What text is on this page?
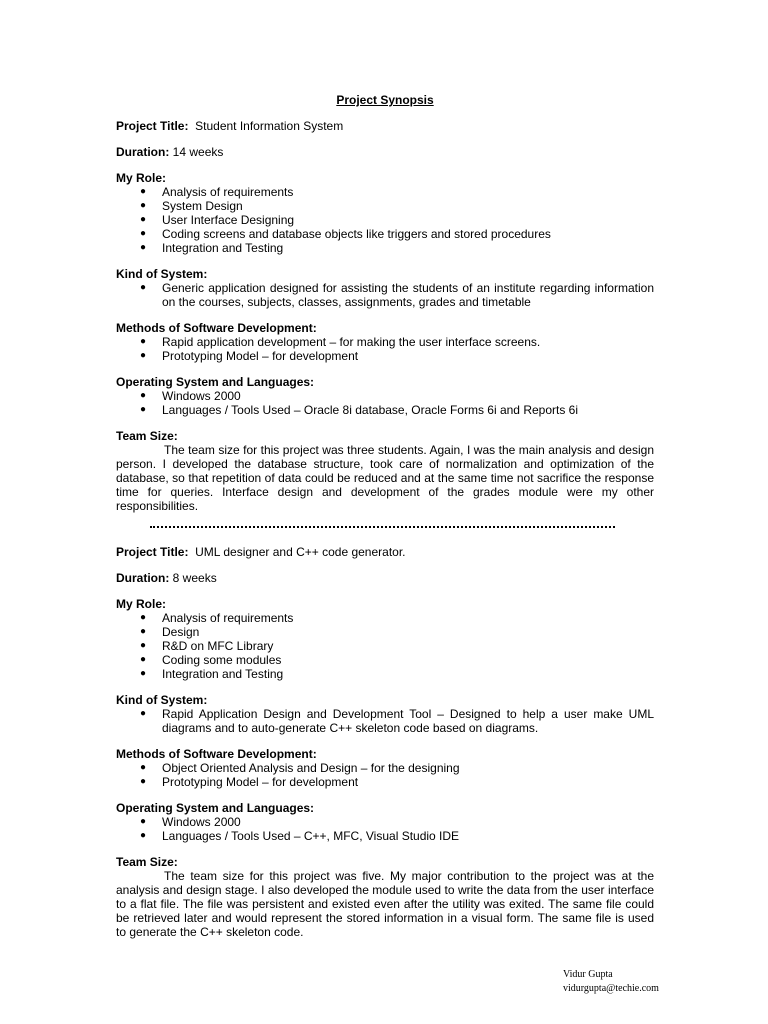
Project Synopsis
Project Title: Student Information System
Duration: 14 weeks
My Role:
● Analysis of requirements
● System Design
● User Interface Designing
● Coding screens and database objects like triggers and stored procedures
● Integration and Testing
Kind of System:
● Generic application designed for assisting the students of an institute regarding information on the courses, subjects, classes, assignments, grades and timetable
Methods of Software Development:
● Rapid application development – for making the user interface screens.
● Prototyping Model – for development
Operating System and Languages:
● Windows 2000
● Languages / Tools Used – Oracle 8i database, Oracle Forms 6i and Reports 6i
Team Size:
The team size for this project was three students. Again, I was the main analysis and design person. I developed the database structure, took care of normalization and optimization of the database, so that repetition of data could be reduced and at the same time not sacrifice the response time for queries. Interface design and development of the grades module were my other responsibilities.
Project Title: UML designer and C++ code generator.
Duration: 8 weeks
My Role:
● Analysis of requirements
● Design
● R&D on MFC Library
● Coding some modules
● Integration and Testing
Kind of System:
● Rapid Application Design and Development Tool – Designed to help a user make UML diagrams and to auto-generate C++ skeleton code based on diagrams.
Methods of Software Development:
● Object Oriented Analysis and Design – for the designing
● Prototyping Model – for development
Operating System and Languages:
● Windows 2000
● Languages / Tools Used – C++, MFC, Visual Studio IDE
Team Size:
The team size for this project was five. My major contribution to the project was at the analysis and design stage. I also developed the module used to write the data from the user interface to a flat file. The file was persistent and existed even after the utility was exited. The same file could be retrieved later and would represent the stored information in a visual form. The same file is used to generate the C++ skeleton code.
Vidur Gupta
vidurgupta@techie.com
